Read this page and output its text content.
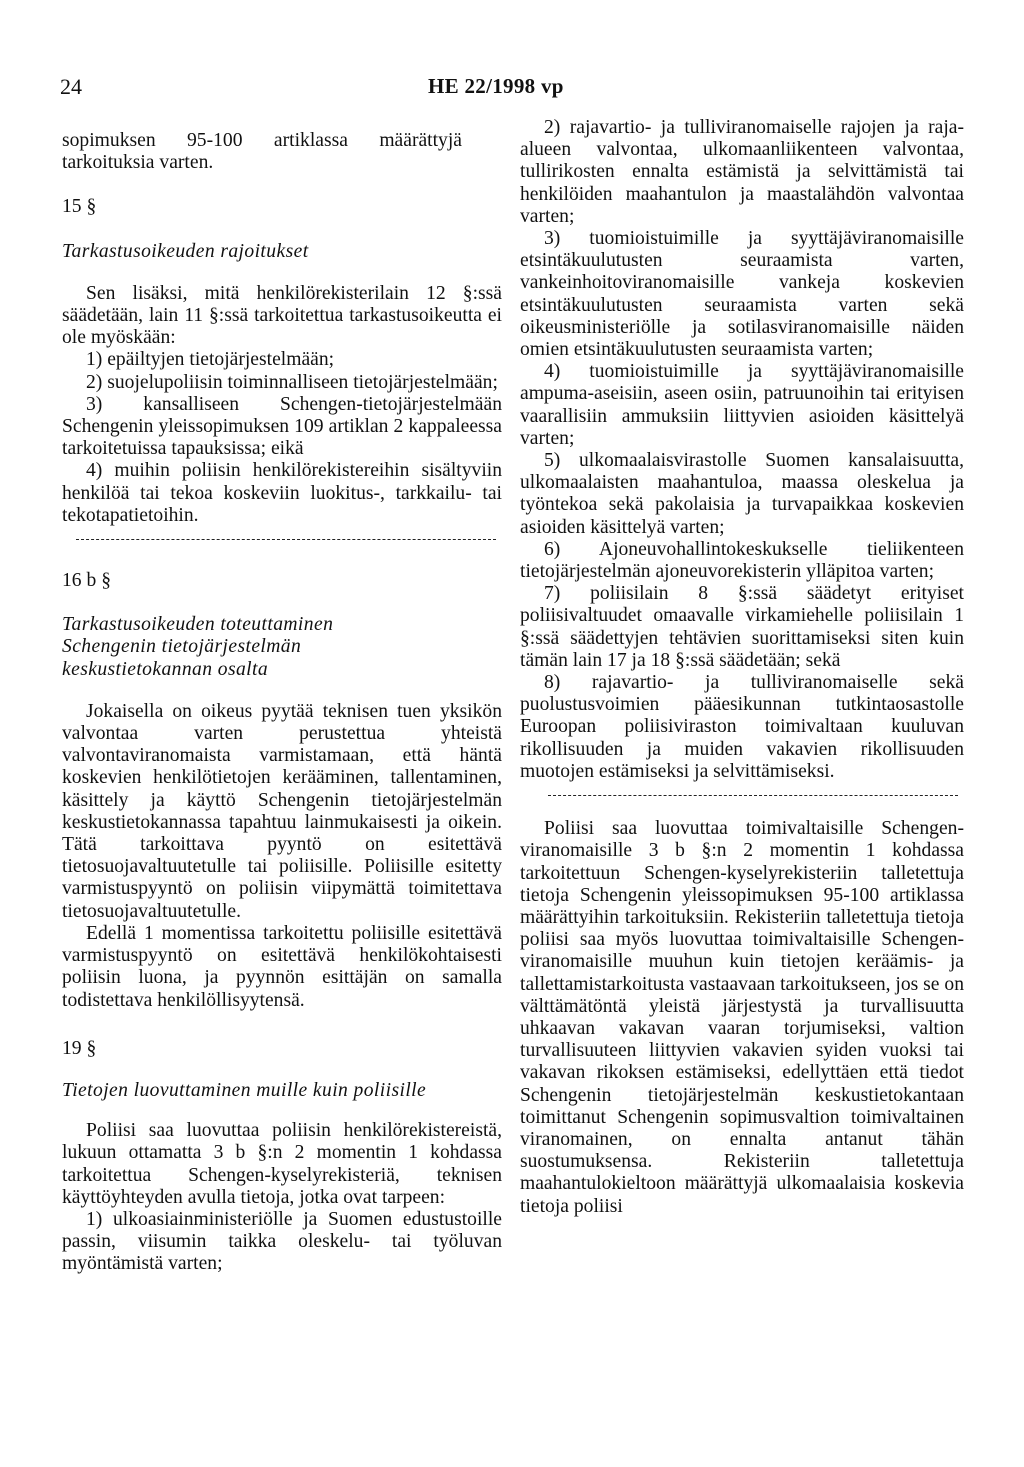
24	HE 22/1998 vp

sopimuksen 95-100 artiklassa määrättyjä tarkoituksia varten.

15 §

Tarkastusoikeuden rajoitukset

Sen lisäksi, mitä henkilörekisterilain 12 §:ssä säädetään, lain 11 §:ssä tarkoitettua tarkastusoikeutta ei ole myöskään:

1) epäiltyjen tietojärjestelmään;

2) suojelupoliisin toiminnalliseen tietojärjestelmään;

3) kansalliseen Schengen-tietojärjestelmään Schengenin yleissopimuksen 109 artiklan 2 kappaleessa tarkoitetuissa tapauksissa; eikä

4) muihin poliisin henkilörekistereihin sisältyviin henkilöä tai tekoa koskeviin luokitus-, tarkkailu- tai tekotapatietoihin.

16 b §

Tarkastusoikeuden toteuttaminen

Schengenin tietojärjestelmän

keskustietokannan osalta

Jokaisella on oikeus pyytää teknisen tuen yksikön valvontaa varten perustettua yhteistä valvontaviranomaista varmistamaan, että häntä koskevien henkilötietojen kerääminen, tallentaminen, käsittely ja käyttö Schengenin tietojärjestelmän keskustietokannassa tapahtuu lainmukaisesti ja oikein. Tätä tarkoittava pyyntö on esitettävä tietosuojavaltuutetulle tai poliisille. Poliisille esitetty varmistuspyyntö on poliisin viipymättä toimitettava tietosuojavaltuutetulle.

Edellä 1 momentissa tarkoitettu poliisille esitettävä varmistuspyyntö on esitettävä henkilökohtaisesti poliisin luona, ja pyynnön esittäjän on samalla todistettava henkilöllisyytensä.

19 §

Tietojen luovuttaminen muille kuin poliisille

Poliisi saa luovuttaa poliisin henkilörekistereistä, lukuun ottamatta 3 b §:n 2 momentin 1 kohdassa tarkoitettua Schengen-kyselyrekisteriä, teknisen käyttöyhteyden avulla tietoja, jotka ovat tarpeen:

1) ulkoasiainministeriölle ja Suomen edustustoille passin, viisumin taikka oleskelu- tai työluvan myöntämistä varten;

2) rajavartio- ja tulliviranomaiselle rajojen ja raja-alueen valvontaa, ulkomaanliikenteen valvontaa, tullirikosten ennalta estämistä ja selvittämistä tai henkilöiden maahantulon ja maastalähdön valvontaa varten;

3) tuomioistuimille ja syyttäjäviranomaisille etsintäkuulutusten seuraamista varten, vankeinhoitoviranomaisille vankeja koskevien etsintäkuulutusten seuraamista varten sekä oikeusministeriölle ja sotilasviranomaisille näiden omien etsintäkuulutusten seuraamista varten;

4) tuomioistuimille ja syyttäjäviranomaisille ampuma-aseisiin, aseen osiin, patruunoihin tai erityisen vaarallisiin ammuksiin liittyvien asioiden käsittelyä varten;

5) ulkomaalaisvirastolle Suomen kansalaisuutta, ulkomaalaisten maahantuloa, maassa oleskelua ja työntekoa sekä pakolaisia ja turvapaikkaa koskevien asioiden käsittelyä varten;

6) Ajoneuvohallintokeskukselle tieliikenteen tietojärjestelmän ajoneuvorekisterin ylläpitoa varten;

7) poliisilain 8 §:ssä säädetyt erityiset poliisivaltuudet omaavalle virkamiehelle poliisilain 1 §:ssä säädettyjen tehtävien suorittamiseksi siten kuin tämän lain 17 ja 18 §:ssä säädetään; sekä

8) rajavartio- ja tulliviranomaiselle sekä puolustusvoimien pääesikunnan tutkintaosastolle Euroopan poliisiviraston toimivaltaan kuuluvan rikollisuuden ja muiden vakavien rikollisuuden muotojen estämiseksi ja selvittämiseksi.

Poliisi saa luovuttaa toimivaltaisille Schengen-viranomaisille 3 b §:n 2 momentin 1 kohdassa tarkoitettuun Schengen-kyselyrekisteriin talletettuja tietoja Schengenin yleissopimuksen 95-100 artiklassa määrättyihin tarkoituksiin. Rekisteriin talletettuja tietoja poliisi saa myös luovuttaa toimivaltaisille Schengen-viranomaisille muuhun kuin tietojen keräämis- ja tallettamistarkoitusta vastaavaan tarkoitukseen, jos se on välttämätöntä yleistä järjestystä ja turvallisuutta uhkaavan vakavan vaaran torjumiseksi, valtion turvallisuuteen liittyvien vakavien syiden vuoksi tai vakavan rikoksen estämiseksi, edellyttäen että tiedot Schengenin tietojärjestelmän keskustietokantaan toimittanut Schengenin sopimusvaltion toimivaltainen viranomainen, on ennalta antanut tähän suostumuksensa. Rekisteriin talletettuja maahantulokieltoon määrättyjä ulkomaalaisia koskevia tietoja poliisi
